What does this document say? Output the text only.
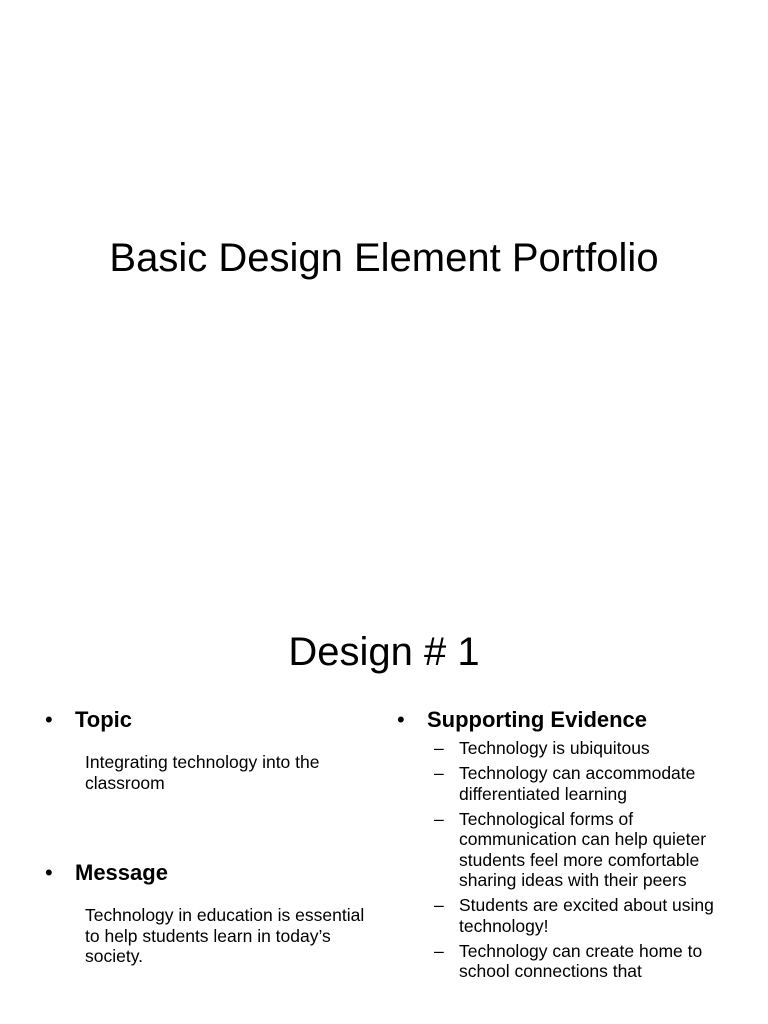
Basic Design Element Portfolio
Design # 1
•	Topic
Integrating technology into the classroom
•	Message
Technology in education is essential to help students learn in today’s society.
•	Supporting Evidence
– Technology is ubiquitous
– Technology can accommodate differentiated learning
– Technological forms of communication can help quieter students feel more comfortable sharing ideas with their peers
– Students are excited about using technology!
– Technology can create home to school connections that
